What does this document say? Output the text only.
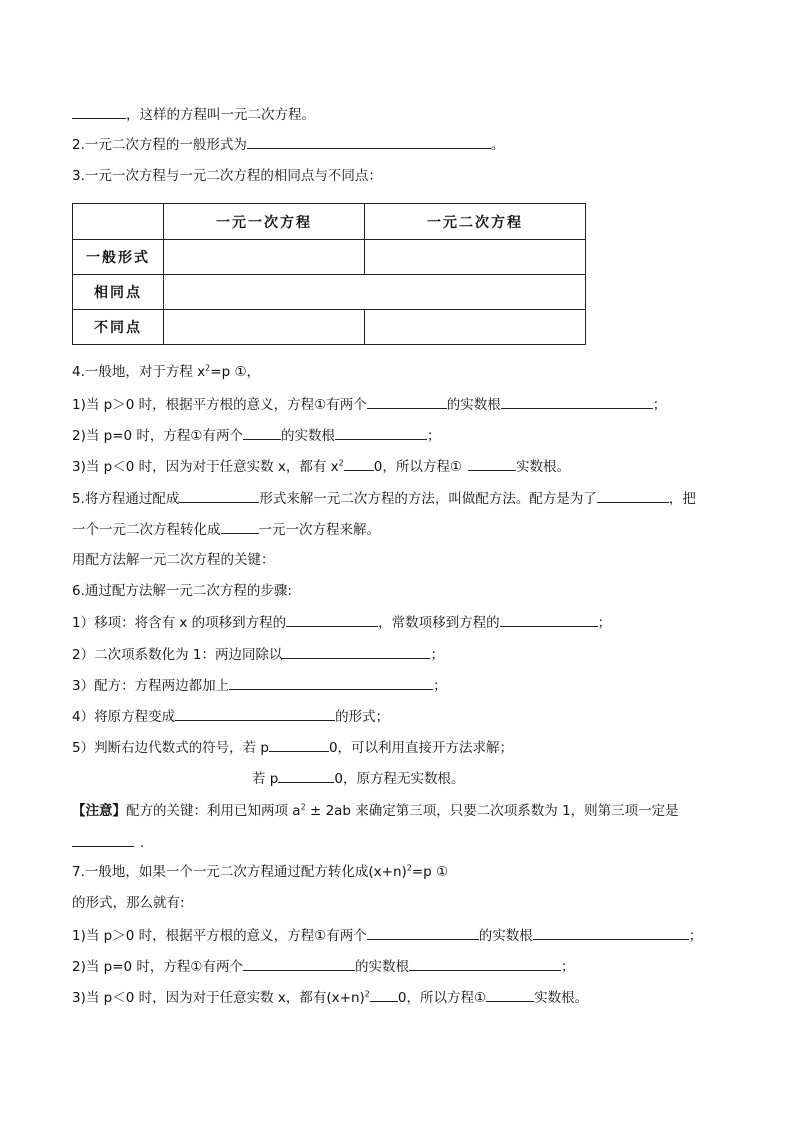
，这样的方程叫一元二次方程。
2.一元二次方程的一般形式为	。
3.一元一次方程与一元二次方程的相同点与不同点：
	一元一次方程	一元二次方程
一般形式		
相同点		
不同点		
4.一般地，对于方程 $x^2=p$ ①，
1)当 p＞0 时，根据平方根的意义，方程①有两个	的实数根	；
2)当 p=0 时，方程①有两个	的实数根	；
3)当 p＜0 时，因为对于任意实数 x，都有 $x^2$ 0，所以方程①	实数根。
5.将方程通过配成	形式来解一元二次方程的方法，叫做配方法。配方是为了	，把
一个一元二次方程转化成	一元一次方程来解。
用配方法解一元二次方程的关键：
6.通过配方法解一元二次方程的步骤:
1）移项：将含有 x 的项移到方程的	，常数项移到方程的	；
2）二次项系数化为 1：两边同除以	；
3）配方：方程两边都加上	；
4）将原方程变成	的形式；
5）判断右边代数式的符号，若 p	0，可以利用直接开方法求解；
若 p	0，原方程无实数根。
【注意】配方的关键：利用已知两项 $a^2 \pm 2ab$ 来确定第三项，只要二次项系数为 1，则第三项一定是
.
7.一般地，如果一个一元二次方程通过配方转化成$(x+n)^2=p$ ①
的形式，那么就有:
1)当 p＞0 时，根据平方根的意义，方程①有两个	的实数根	；
2)当 p=0 时，方程①有两个	的实数根	；
3)当 p＜0 时，因为对于任意实数 x，都有$(x+n)^2$ 0，所以方程①	实数根。
